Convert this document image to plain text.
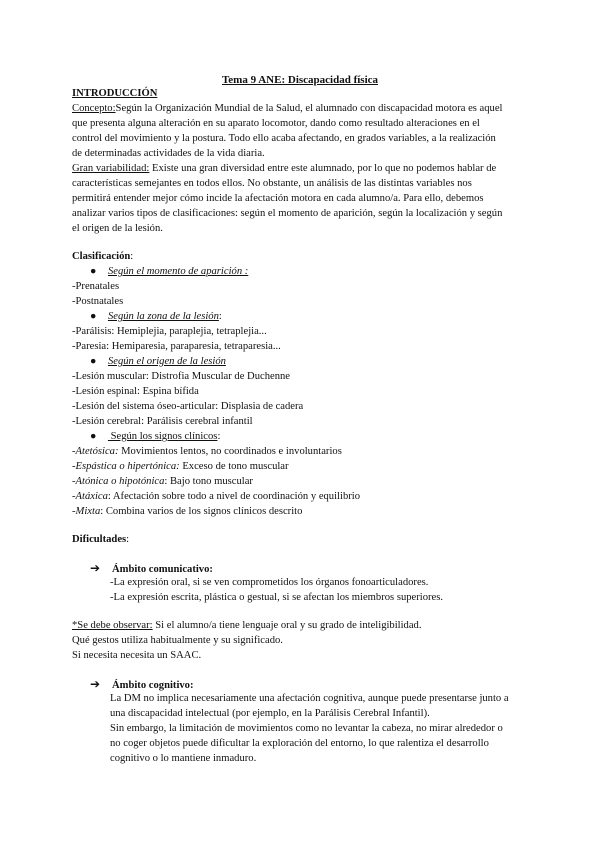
Tema 9 ANE: Discapacidad física
INTRODUCCIÓN
Concepto:Según la Organización Mundial de la Salud, el alumnado con discapacidad motora es aquel
que presenta alguna alteración en su aparato locomotor, dando como resultado alteraciones en el
control del movimiento y la postura. Todo ello acaba afectando, en grados variables, a la realización
de determinadas actividades de la vida diaria.
Gran variabilidad: Existe una gran diversidad entre este alumnado, por lo que no podemos hablar de
características semejantes en todos ellos. No obstante, un análisis de las distintas variables nos
permitirá entender mejor cómo incide la afectación motora en cada alumno/a. Para ello, debemos
analizar varios tipos de clasificaciones: según el momento de aparición, según la localización y según
el origen de la lesión.
Clasificación:
● Según el momento de aparición :
-Prenatales
-Postnatales
● Según la zona de la lesión:
-Parálisis: Hemiplejia, paraplejia, tetraplejia...
-Paresia: Hemiparesia, paraparesia, tetraparesia...
● Según el origen de la lesión
-Lesión muscular: Distrofia Muscular de Duchenne
-Lesión espinal: Espina bífida
-Lesión del sistema óseo-articular: Displasia de cadera
-Lesión cerebral: Parálisis cerebral infantil
●    Según los signos clínicos:
-Atetósica: Movimientos lentos, no coordinados e involuntarios
-Espástica o hipertónica: Exceso de tono muscular
-Atónica o hipotónica: Bajo tono muscular
-Atáxica: Afectación sobre todo a nivel de coordinación y equilibrio
-Mixta: Combina varios de los signos clínicos descrito
Dificultades:
➔ Ámbito comunicativo:
-La expresión oral, si se ven comprometidos los órganos fonoarticuladores.
-La expresión escrita, plástica o gestual, si se afectan los miembros superiores.
*Se debe observar: Si el alumno/a tiene lenguaje oral y su grado de inteligibilidad.
Qué gestos utiliza habitualmente y su significado.
Si necesita necesita un SAAC.
➔ Ámbito cognitivo:
La DM no implica necesariamente una afectación cognitiva, aunque puede presentarse junto a
una discapacidad intelectual (por ejemplo, en la Parálisis Cerebral Infantil).
Sin embargo, la limitación de movimientos como no levantar la cabeza, no mirar alrededor o
no coger objetos puede dificultar la exploración del entorno, lo que ralentiza el desarrollo
cognitivo o lo mantiene inmaduro.
